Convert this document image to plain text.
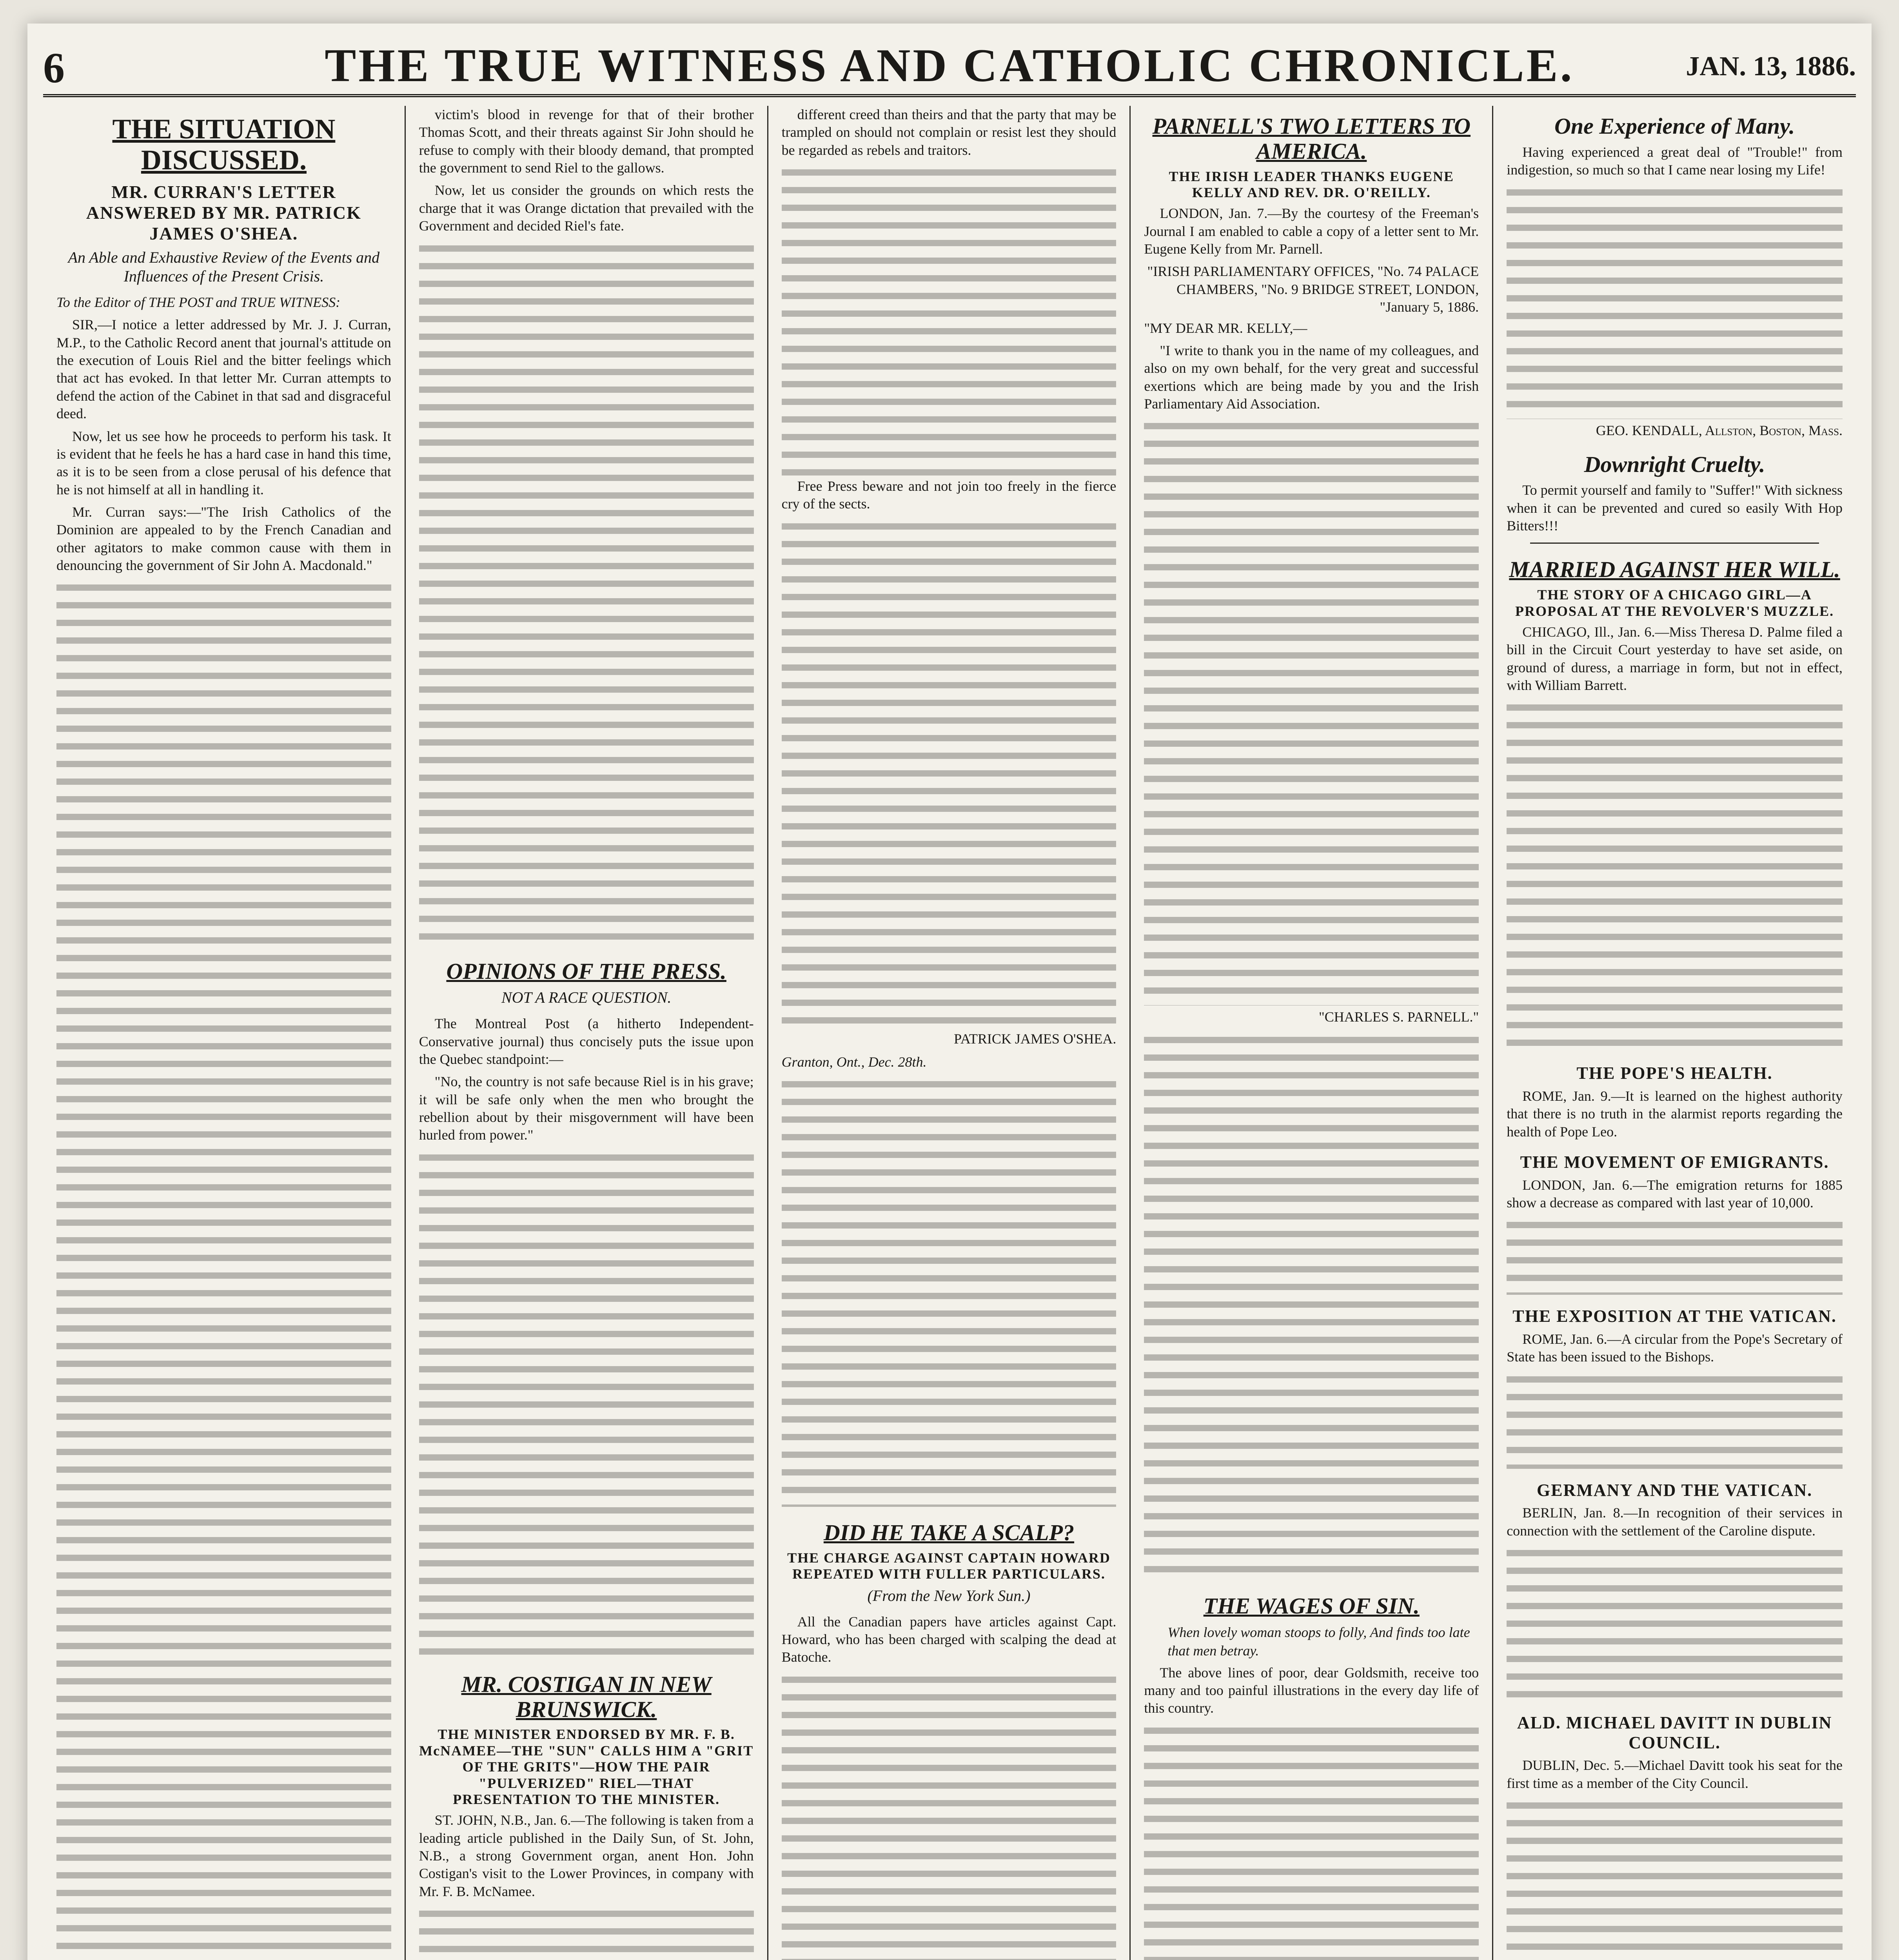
6	THE TRUE WITNESS AND CATHOLIC CHRONICLE.	JAN. 13, 1886.
THE SITUATION DISCUSSED.
MR. CURRAN'S LETTER ANSWERED BY MR. PATRICK JAMES O'SHEA.
An Able and Exhaustive Review of the Events and Influences of the Present Crisis.
To the Editor of THE POST and TRUE WITNESS:
SIR,—I notice a letter addressed by Mr. J. J. Curran, M.P., to the Catholic Record anent that journal's attitude on the execution of Louis Riel and the bitter feelings which that act has evoked. In that letter Mr. Curran attempts to defend the action of the Cabinet in that sad and disgraceful deed.
Now, let us see how he proceeds to perform his task. It is evident that he feels he has a hard case in hand this time, as it is to be seen from a close perusal of his defence that he is not himself at all in handling it.
Mr. Curran says:—"The Irish Catholics of the Dominion are appealed to by the French Canadian and other agitators to make common cause with them in denouncing the government of Sir John A. Macdonald."
victim's blood in revenge for that of their brother Thomas Scott, and their threats against Sir John should he refuse to comply with their bloody demand, that prompted the government to send Riel to the gallows.
Now, let us consider the grounds on which rests the charge that it was Orange dictation that prevailed with the Government and decided Riel's fate.
OPINIONS OF THE PRESS.
NOT A RACE QUESTION.
The Montreal Post (a hitherto Independent-Conservative journal) thus concisely puts the issue upon the Quebec standpoint:—
"No, the country is not safe because Riel is in his grave; it will be safe only when the men who brought the rebellion about by their misgovernment will have been hurled from power."
MR. COSTIGAN IN NEW BRUNSWICK.
THE MINISTER ENDORSED BY MR. F. B. McNAMEE—THE "SUN" CALLS HIM A "GRIT OF THE GRITS"—HOW THE PAIR "PULVERIZED" RIEL—THAT PRESENTATION TO THE MINISTER.
ST. JOHN, N.B., Jan. 6.—The following is taken from a leading article published in the Daily Sun, of St. John, N.B., a strong Government organ, anent Hon. John Costigan's visit to the Lower Provinces, in company with Mr. F. B. McNamee.
different creed than theirs and that the party that may be trampled on should not complain or resist lest they should be regarded as rebels and traitors.
Free Press beware and not join too freely in the fierce cry of the sects.
PATRICK JAMES O'SHEA.
Granton, Ont., Dec. 28th.
DID HE TAKE A SCALP?
THE CHARGE AGAINST CAPTAIN HOWARD REPEATED WITH FULLER PARTICULARS.
(From the New York Sun.)
All the Canadian papers have articles against Capt. Howard, who has been charged with scalping the dead at Batoche.
PARNELL'S TWO LETTERS TO AMERICA.
THE IRISH LEADER THANKS EUGENE KELLY AND REV. DR. O'REILLY.
LONDON, Jan. 7.—By the courtesy of the Freeman's Journal I am enabled to cable a copy of a letter sent to Mr. Eugene Kelly from Mr. Parnell.
"IRISH PARLIAMENTARY OFFICES, "No. 74 PALACE CHAMBERS, "No. 9 BRIDGE STREET, LONDON, "January 5, 1886.
"MY DEAR MR. KELLY,—
"I write to thank you in the name of my colleagues, and also on my own behalf, for the very great and successful exertions which are being made by you and the Irish Parliamentary Aid Association.
"CHARLES S. PARNELL."
THE WAGES OF SIN.
When lovely woman stoops to folly, And finds too late that men betray.
The above lines of poor, dear Goldsmith, receive too many and too painful illustrations in the every day life of this country.
One Experience of Many.
Having experienced a great deal of "Trouble!" from indigestion, so much so that I came near losing my Life!
GEO. KENDALL, Allston, Boston, Mass.
Downright Cruelty.
To permit yourself and family to "Suffer!" With sickness when it can be prevented and cured so easily With Hop Bitters!!!
MARRIED AGAINST HER WILL.
THE STORY OF A CHICAGO GIRL—A PROPOSAL AT THE REVOLVER'S MUZZLE.
CHICAGO, Ill., Jan. 6.—Miss Theresa D. Palme filed a bill in the Circuit Court yesterday to have set aside, on ground of duress, a marriage in form, but not in effect, with William Barrett.
THE POPE'S HEALTH.
ROME, Jan. 9.—It is learned on the highest authority that there is no truth in the alarmist reports regarding the health of Pope Leo.
THE MOVEMENT OF EMIGRANTS.
LONDON, Jan. 6.—The emigration returns for 1885 show a decrease as compared with last year of 10,000.
THE EXPOSITION AT THE VATICAN.
ROME, Jan. 6.—A circular from the Pope's Secretary of State has been issued to the Bishops.
GERMANY AND THE VATICAN.
BERLIN, Jan. 8.—In recognition of their services in connection with the settlement of the Caroline dispute.
ALD. MICHAEL DAVITT IN DUBLIN COUNCIL.
DUBLIN, Dec. 5.—Michael Davitt took his seat for the first time as a member of the City Council.
